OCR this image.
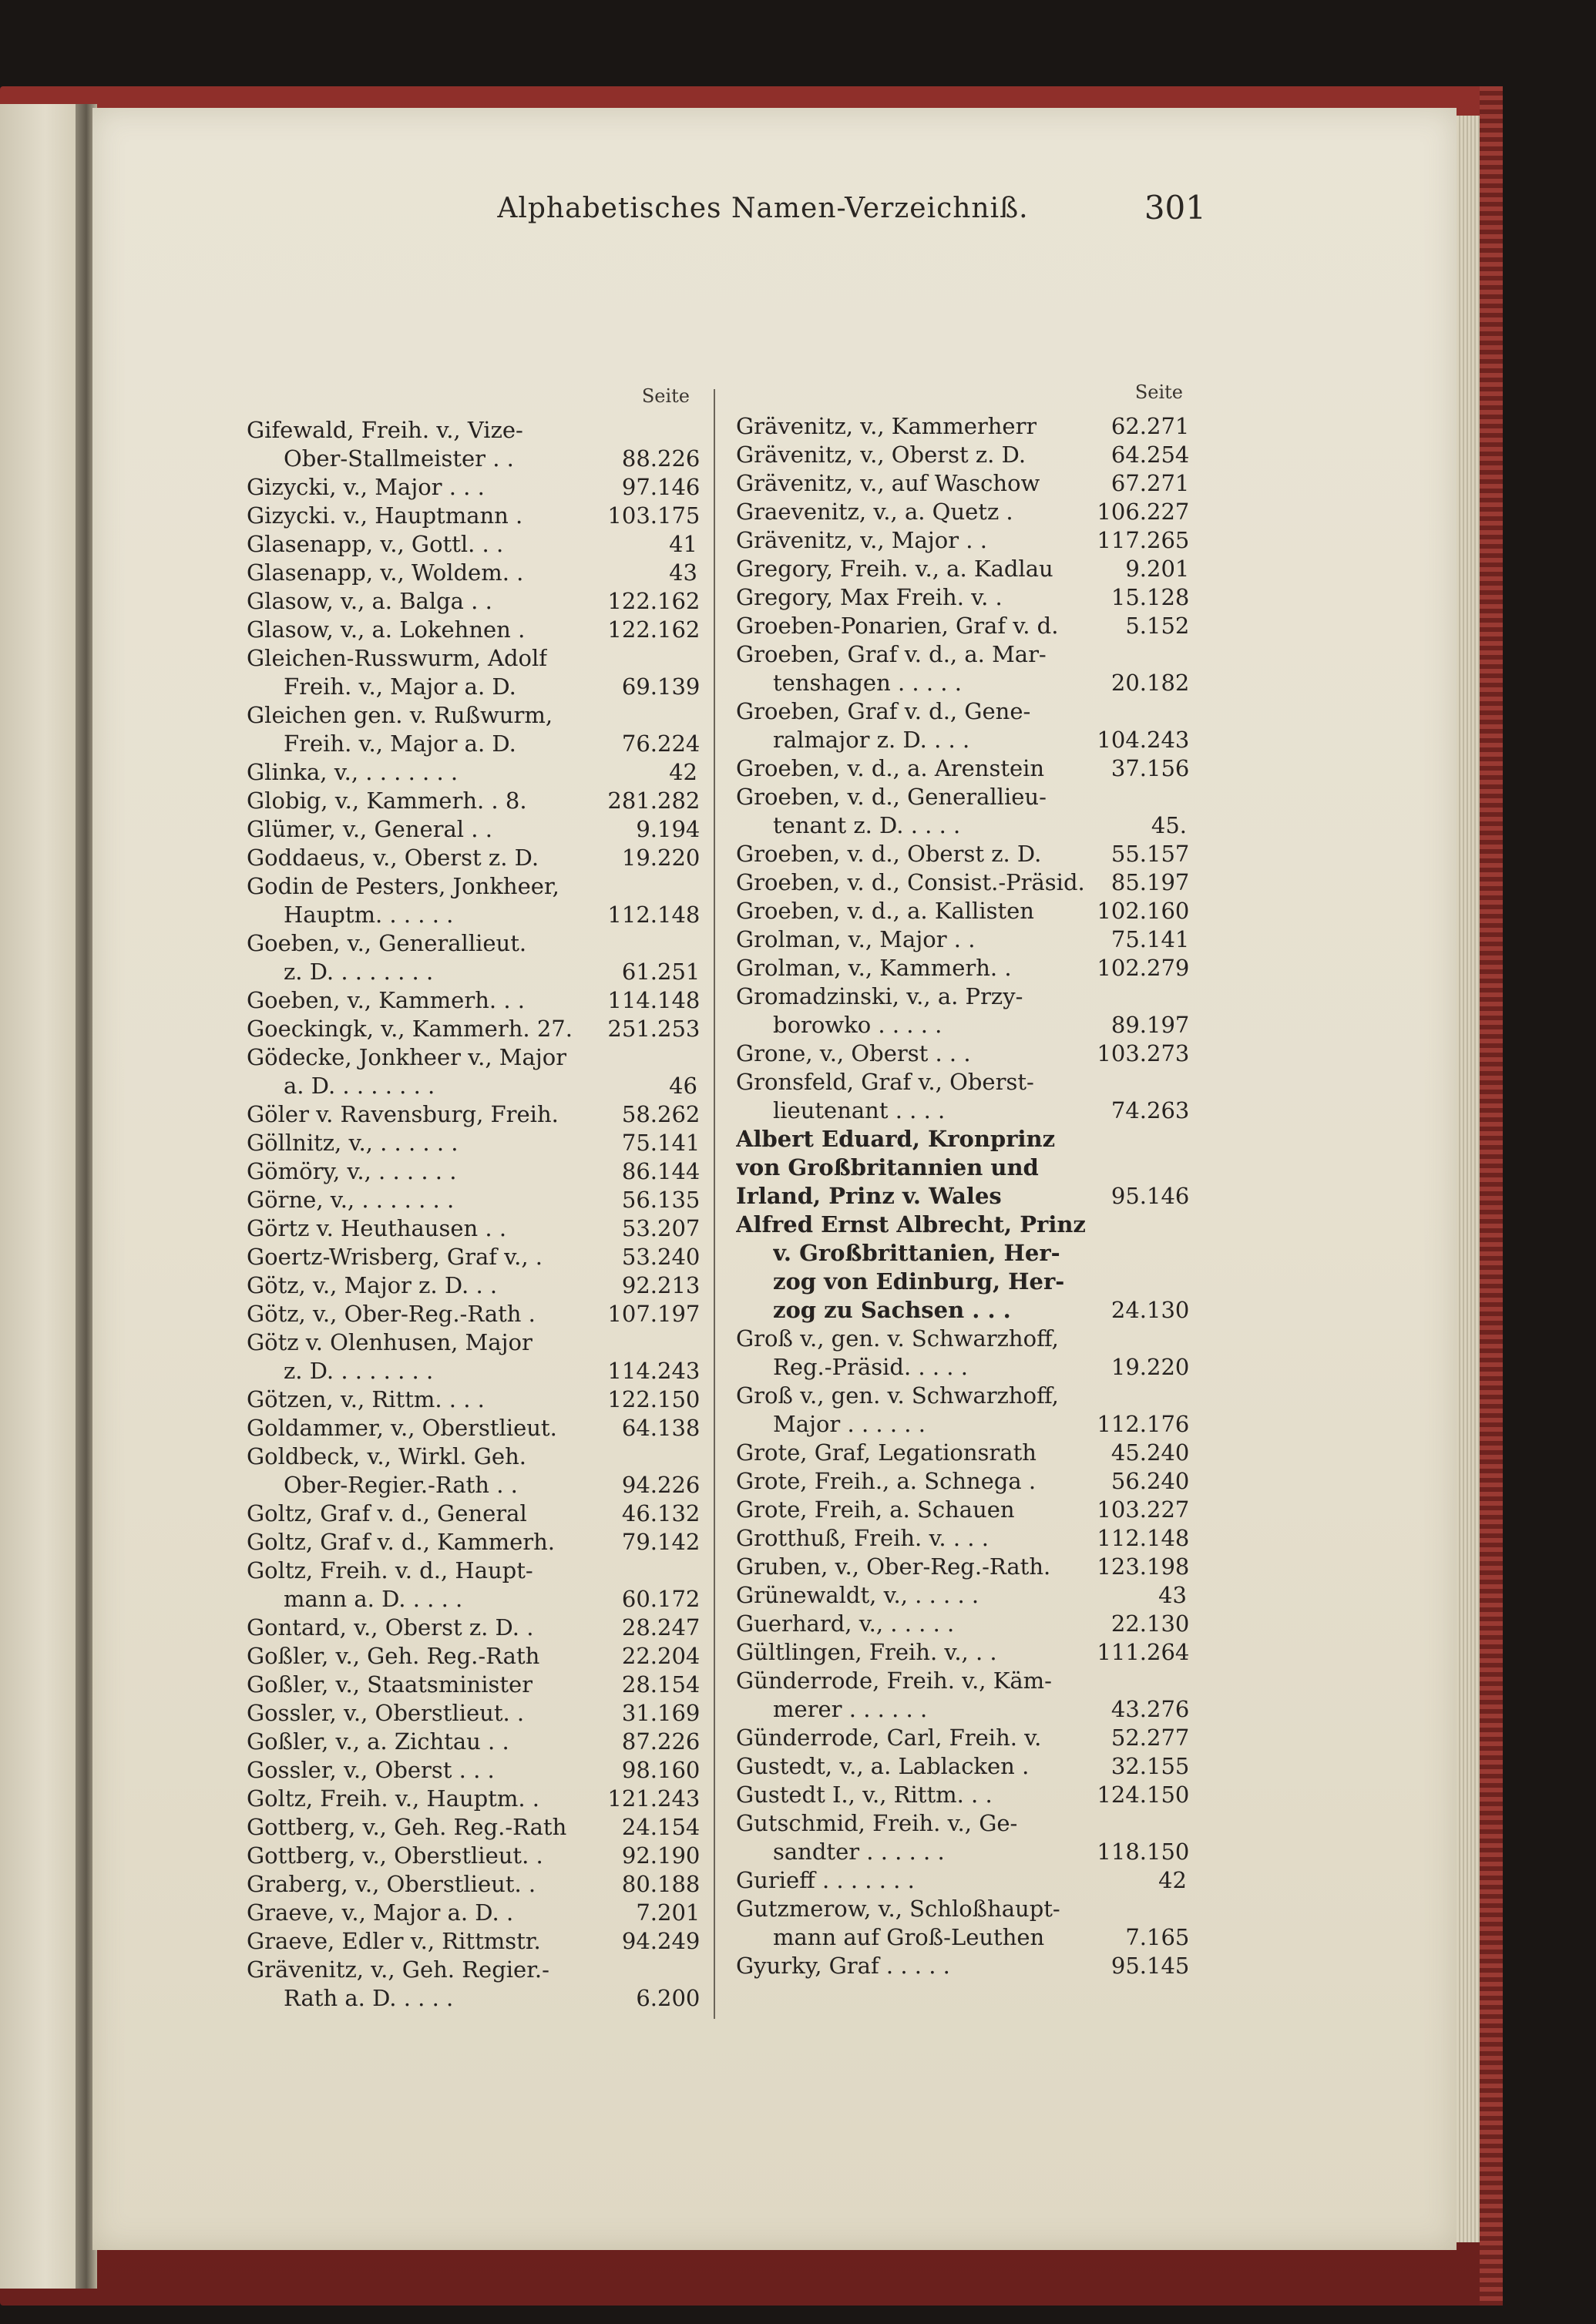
Alphabetisches Namen-Verzeichniß.	301
Seite	Seite
Gifewald, Freih. v., Vize-
Ober-Stallmeister . .	88. 226
Gizycki, v., Major . . .	97. 146
Gizycki. v., Hauptmann .	103. 175
Glasenapp, v., Gottl. . .	41
Glasenapp, v., Woldem. .	43
Glasow, v., a. Balga . .	122. 162
Glasow, v., a. Lokehnen .	122. 162
Gleichen-Russwurm, Adolf
Freih. v., Major a. D.	69. 139
Gleichen gen. v. Rußwurm,
Freih. v., Major a. D.	76. 224
Glinka, v., . . . . . . .	42
Globig, v., Kammerh. . 8.	281. 282
Glümer, v., General . .	9. 194
Goddaeus, v., Oberst z. D.	19. 220
Godin de Pesters, Jonkheer,
Hauptm. . . . . .	112. 148
Goeben, v., Generallieut.
z. D. . . . . . . .	61. 251
Goeben, v., Kammerh. . .	114. 148
Goeckingk, v., Kammerh. 27.	251. 253
Gödecke, Jonkheer v., Major
a. D. . . . . . . .	46
Göler v. Ravensburg, Freih.	58. 262
Göllnitz, v., . . . . . .	75. 141
Gömöry, v., . . . . . .	86. 144
Görne, v., . . . . . . .	56. 135
Görtz v. Heuthausen . .	53. 207
Goertz-Wrisberg, Graf v., .	53. 240
Götz, v., Major z. D. . .	92. 213
Götz, v., Ober-Reg.-Rath .	107. 197
Götz v. Olenhusen, Major
z. D. . . . . . . .	114. 243
Götzen, v., Rittm. . . .	122. 150
Goldammer, v., Oberstlieut.	64. 138
Goldbeck, v., Wirkl. Geh.
Ober-Regier.-Rath . .	94. 226
Goltz, Graf v. d., General	46. 132
Goltz, Graf v. d., Kammerh.	79. 142
Goltz, Freih. v. d., Haupt-
mann a. D. . . . .	60. 172
Gontard, v., Oberst z. D. .	28. 247
Goßler, v., Geh. Reg.-Rath	22. 204
Goßler, v., Staatsminister	28. 154
Gossler, v., Oberstlieut. .	31. 169
Goßler, v., a. Zichtau . .	87. 226
Gossler, v., Oberst . . .	98. 160
Goltz, Freih. v., Hauptm. .	121. 243
Gottberg, v., Geh. Reg.-Rath	24. 154
Gottberg, v., Oberstlieut. .	92. 190
Graberg, v., Oberstlieut. .	80. 188
Graeve, v., Major a. D. .	7. 201
Graeve, Edler v., Rittmstr.	94. 249
Grävenitz, v., Geh. Regier.-
Rath a. D. . . . .	6. 200
Grävenitz, v., Kammerherr	62. 271
Grävenitz, v., Oberst z. D.	64. 254
Grävenitz, v., auf Waschow	67. 271
Graevenitz, v., a. Quetz .	106. 227
Grävenitz, v., Major . .	117. 265
Gregory, Freih. v., a. Kadlau	9. 201
Gregory, Max Freih. v. .	15. 128
Groeben-Ponarien, Graf v. d.	5. 152
Groeben, Graf v. d., a. Mar-
tenshagen . . . . .	20. 182
Groeben, Graf v. d., Gene-
ralmajor z. D. . . .	104. 243
Groeben, v. d., a. Arenstein	37. 156
Groeben, v. d., Generallieu-
tenant z. D. . . . .	45.
Groeben, v. d., Oberst z. D.	55. 157
Groeben, v. d., Consist.-Präsid.	85. 197
Groeben, v. d., a. Kallisten	102. 160
Grolman, v., Major . .	75. 141
Grolman, v., Kammerh. .	102. 279
Gromadzinski, v., a. Przy-
borowko . . . . .	89. 197
Grone, v., Oberst . . .	103. 273
Gronsfeld, Graf v., Oberst-
lieutenant . . . .	74. 263
Albert Eduard, Kronprinz
von Großbritannien und
Irland, Prinz v. Wales	95. 146
Alfred Ernst Albrecht, Prinz
v. Großbrittanien, Her-
zog von Edinburg, Her-
zog zu Sachsen . . .	24. 130
Groß v., gen. v. Schwarzhoff,
Reg.-Präsid. . . . .	19. 220
Groß v., gen. v. Schwarzhoff,
Major . . . . . .	112. 176
Grote, Graf, Legationsrath	45. 240
Grote, Freih., a. Schnega .	56. 240
Grote, Freih, a. Schauen	103. 227
Grotthuß, Freih. v. . . .	112. 148
Gruben, v., Ober-Reg.-Rath.	123. 198
Grünewaldt, v., . . . . .	43
Guerhard, v., . . . . .	22. 130
Gültlingen, Freih. v., . .	111. 264
Günderrode, Freih. v., Käm-
merer . . . . . .	43. 276
Günderrode, Carl, Freih. v.	52. 277
Gustedt, v., a. Lablacken .	32. 155
Gustedt I., v., Rittm. . .	124. 150
Gutschmid, Freih. v., Ge-
sandter . . . . . .	118. 150
Gurieff . . . . . . .	42
Gutzmerow, v., Schloßhaupt-
mann auf Groß-Leuthen	7. 165
Gyurky, Graf . . . . .	95. 145
